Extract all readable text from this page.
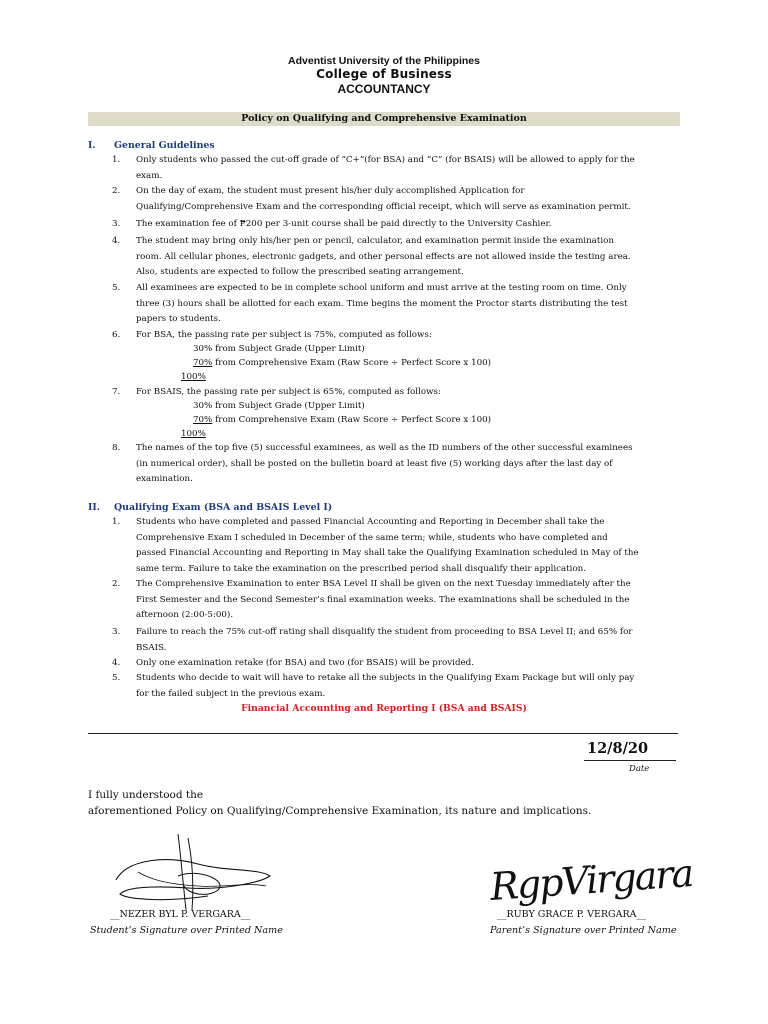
Adventist University of the Philippines
College of Business
ACCOUNTANCY
Policy on Qualifying and Comprehensive Examination
I. General Guidelines
1. Only students who passed the cut-off grade of “C+”(for BSA) and “C” (for BSAIS) will be allowed to apply for the
exam.
2. On the day of exam, the student must present his/her duly accomplished Application for
Qualifying/Comprehensive Exam and the corresponding official receipt, which will serve as examination permit.
3. The examination fee of ₱200 per 3-unit course shall be paid directly to the University Cashier.
4. The student may bring only his/her pen or pencil, calculator, and examination permit inside the examination
room. All cellular phones, electronic gadgets, and other personal effects are not allowed inside the testing area.
Also, students are expected to follow the prescribed seating arrangement.
5. All examinees are expected to be in complete school uniform and must arrive at the testing room on time. Only
three (3) hours shall be allotted for each exam. Time begins the moment the Proctor starts distributing the test
papers to students.
6. For BSA, the passing rate per subject is 75%, computed as follows:
30% from Subject Grade (Upper Limit)
70% from Comprehensive Exam (Raw Score ÷ Perfect Score x 100)
100%
7. For BSAIS, the passing rate per subject is 65%, computed as follows:
30% from Subject Grade (Upper Limit)
70% from Comprehensive Exam (Raw Score ÷ Perfect Score x 100)
100%
8. The names of the top five (5) successful examinees, as well as the ID numbers of the other successful examinees
(in numerical order), shall be posted on the bulletin board at least five (5) working days after the last day of
examination.
II. Qualifying Exam (BSA and BSAIS Level I)
1. Students who have completed and passed Financial Accounting and Reporting in December shall take the
Comprehensive Exam I scheduled in December of the same term; while, students who have completed and
passed Financial Accounting and Reporting in May shall take the Qualifying Examination scheduled in May of the
same term. Failure to take the examination on the prescribed period shall disqualify their application.
2. The Comprehensive Examination to enter BSA Level II shall be given on the next Tuesday immediately after the
First Semester and the Second Semester’s final examination weeks. The examinations shall be scheduled in the
afternoon (2:00-5:00).
3. Failure to reach the 75% cut-off rating shall disqualify the student from proceeding to BSA Level II; and 65% for
BSAIS.
4. Only one examination retake (for BSA) and two (for BSAIS) will be provided.
5. Students who decide to wait will have to retake all the subjects in the Qualifying Exam Package but will only pay
for the failed subject in the previous exam.
Financial Accounting and Reporting I (BSA and BSAIS)
12/8/20
Date
I fully understood the
aforementioned Policy on Qualifying/Comprehensive Examination, its nature and implications.
__NEZER BYL P. VERGARA__
Student’s Signature over Printed Name
RgpVirgara
__RUBY GRACE P. VERGARA__
Parent’s Signature over Printed Name
